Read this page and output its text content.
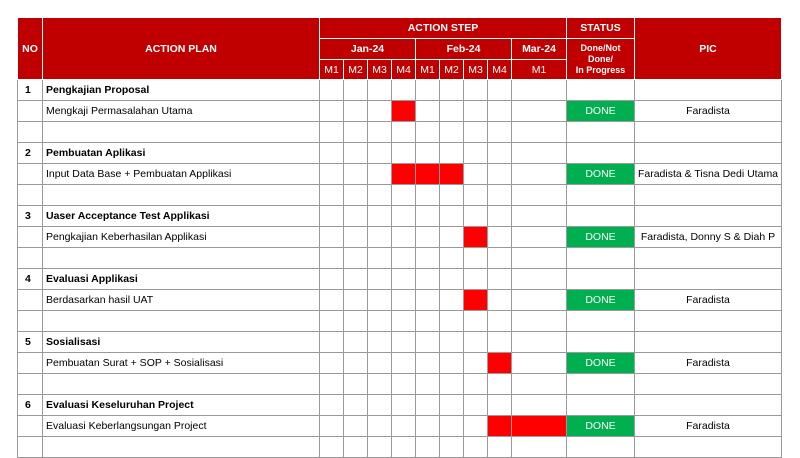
NO	ACTION PLAN	ACTION STEP									STATUS	PIC
		Jan-24				Feb-24				Mar-24	Done/Not
Done/
In Progress	
		M1	M2	M3	M4	M1	M2	M3	M4	M1		
1	Pengkajian Proposal											
	Mengkaji Permasalahan Utama										DONE	Faradista

2	Pembuatan Aplikasi											
	Input Data Base + Pembuatan Applikasi										DONE	Faradista & Tisna Dedi Utama

3	Uaser Acceptance Test Applikasi											
	Pengkajian Keberhasilan Applikasi										DONE	Faradista, Donny S & Diah P

4	Evaluasi Applikasi											
	Berdasarkan hasil UAT										DONE	Faradista

5	Sosialisasi											
	Pembuatan Surat + SOP + Sosialisasi										DONE	Faradista

6	Evaluasi Keseluruhan Project											
	Evaluasi Keberlangsungan Project										DONE	Faradista
